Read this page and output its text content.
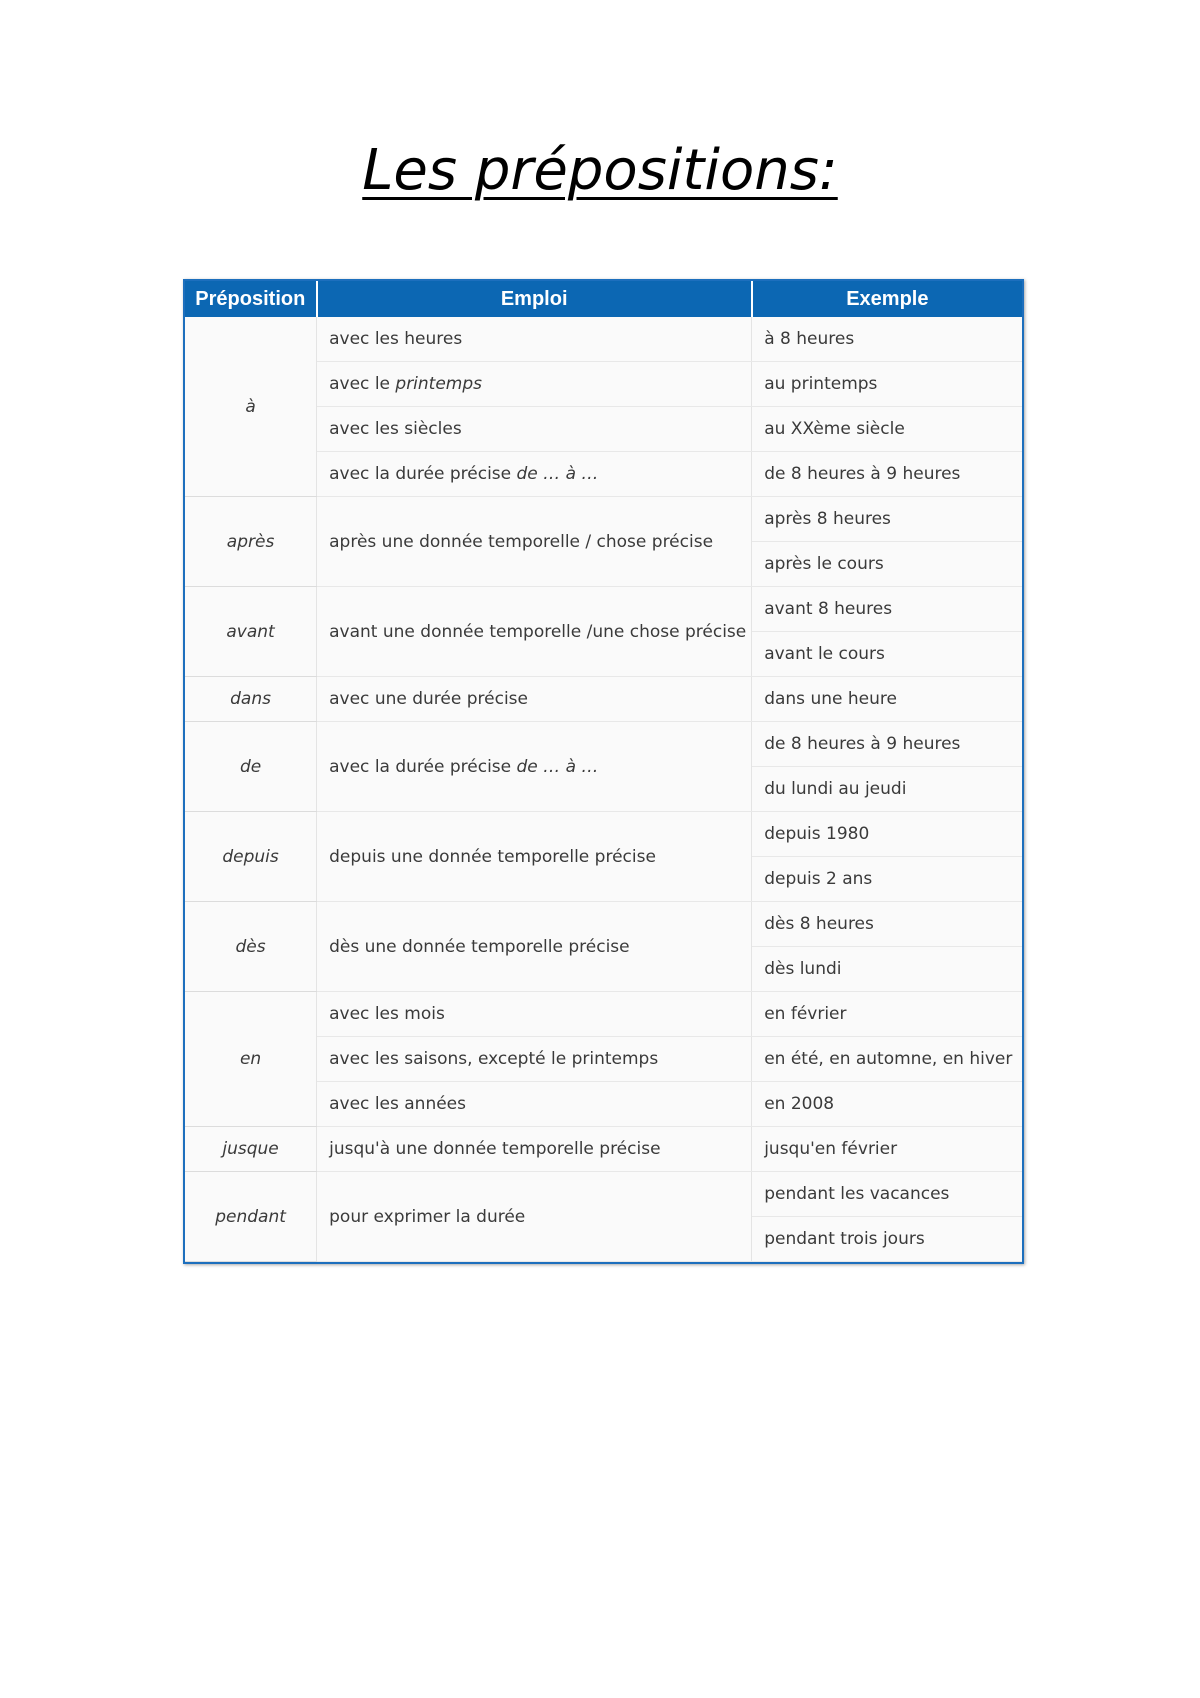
Les prépositions:
Préposition	Emploi	Exemple
à	avec les heures	à 8 heures
	avec le printemps	au printemps
	avec les siècles	au XXème siècle
	avec la durée précise de … à …	de 8 heures à 9 heures
après	après une donnée temporelle / chose précise	après 8 heures
		après le cours
avant	avant une donnée temporelle /une chose précise	avant 8 heures
		avant le cours
dans	avec une durée précise	dans une heure
de	avec la durée précise de … à …	de 8 heures à 9 heures
		du lundi au jeudi
depuis	depuis une donnée temporelle précise	depuis 1980
		depuis 2 ans
dès	dès une donnée temporelle précise	dès 8 heures
		dès lundi
en	avec les mois	en février
	avec les saisons, excepté le printemps	en été, en automne, en hiver
	avec les années	en 2008
jusque	jusqu'à une donnée temporelle précise	jusqu'en février
pendant	pour exprimer la durée	pendant les vacances
		pendant trois jours
